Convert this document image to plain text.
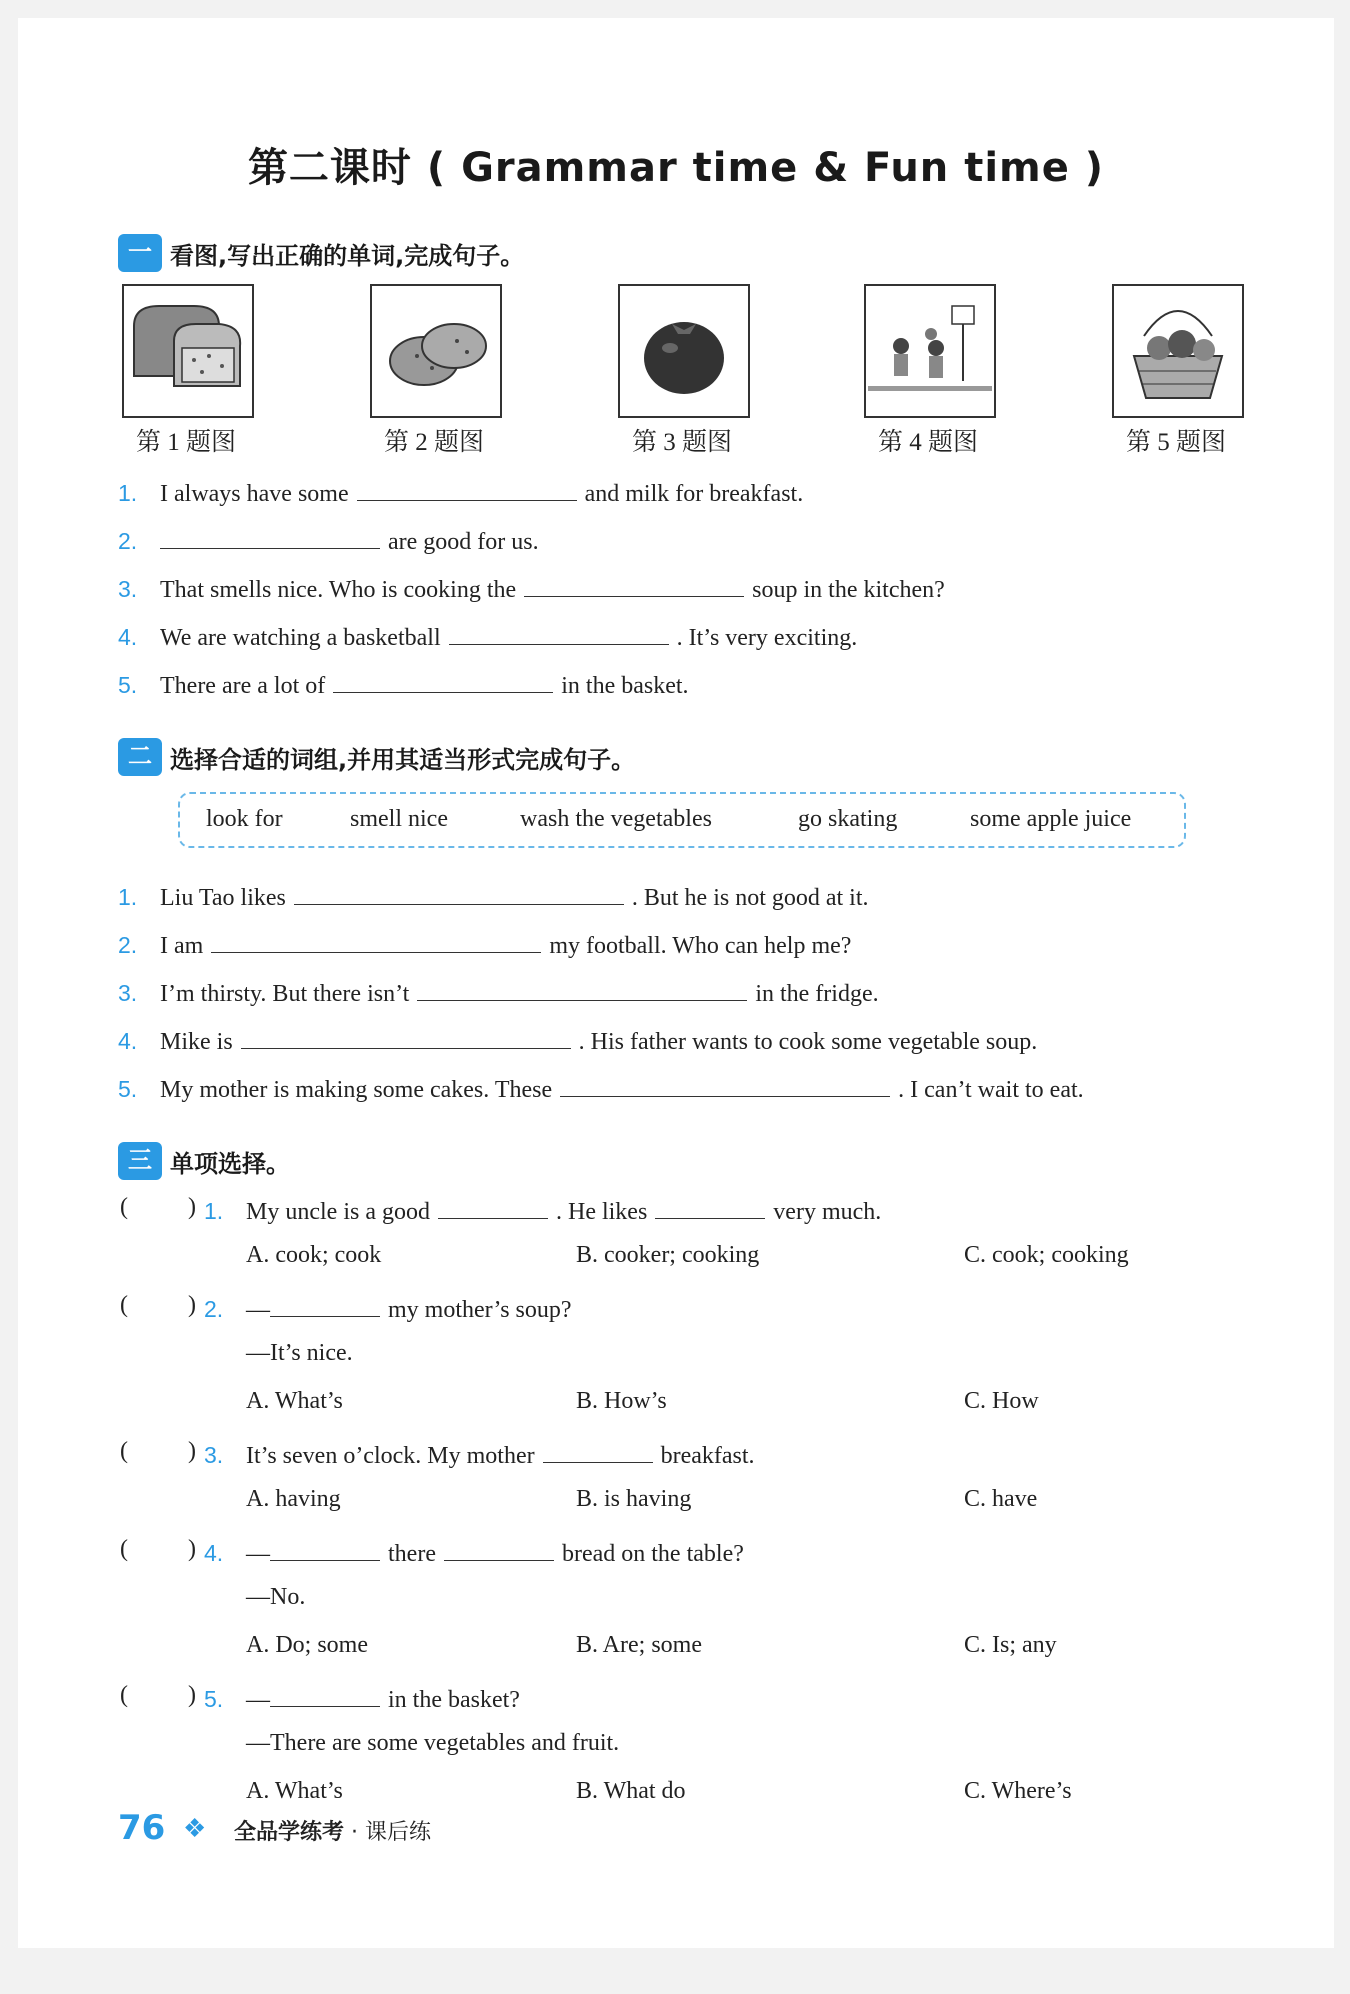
第二课时 ( Grammar time & Fun time )
一 看图,写出正确的单词,完成句子。
第 1 题图	第 2 题图	第 3 题图	第 4 题图	第 5 题图
1. I always have some	and milk for breakfast.
2.	are good for us.
3. That smells nice. Who is cooking the	soup in the kitchen?
4. We are watching a basketball	. It’s very exciting.
5. There are a lot of	in the basket.
二 选择合适的词组,并用其适当形式完成句子。
look for	smell nice	wash the vegetables	go skating	some apple juice
1. Liu Tao likes	. But he is not good at it.
2. I am	my football. Who can help me?
3. I’m thirsty. But there isn’t	in the fridge.
4. Mike is	. His father wants to cook some vegetable soup.
5. My mother is making some cakes. These	. I can’t wait to eat.
三 单项选择。
(	) 1. My uncle is a good	. He likes	very much.
A. cook; cook	B. cooker; cooking	C. cook; cooking
(	) 2. —	my mother’s soup?
—It’s nice.
A. What’s	B. How’s	C. How
(	) 3. It’s seven o’clock. My mother	breakfast.
A. having	B. is having	C. have
(	) 4. —	there	bread on the table?
—No.
A. Do; some	B. Are; some	C. Is; any
(	) 5. —	in the basket?
—There are some vegetables and fruit.
A. What’s	B. What do	C. Where’s
76 ❖ 全品学练考 · 课后练
